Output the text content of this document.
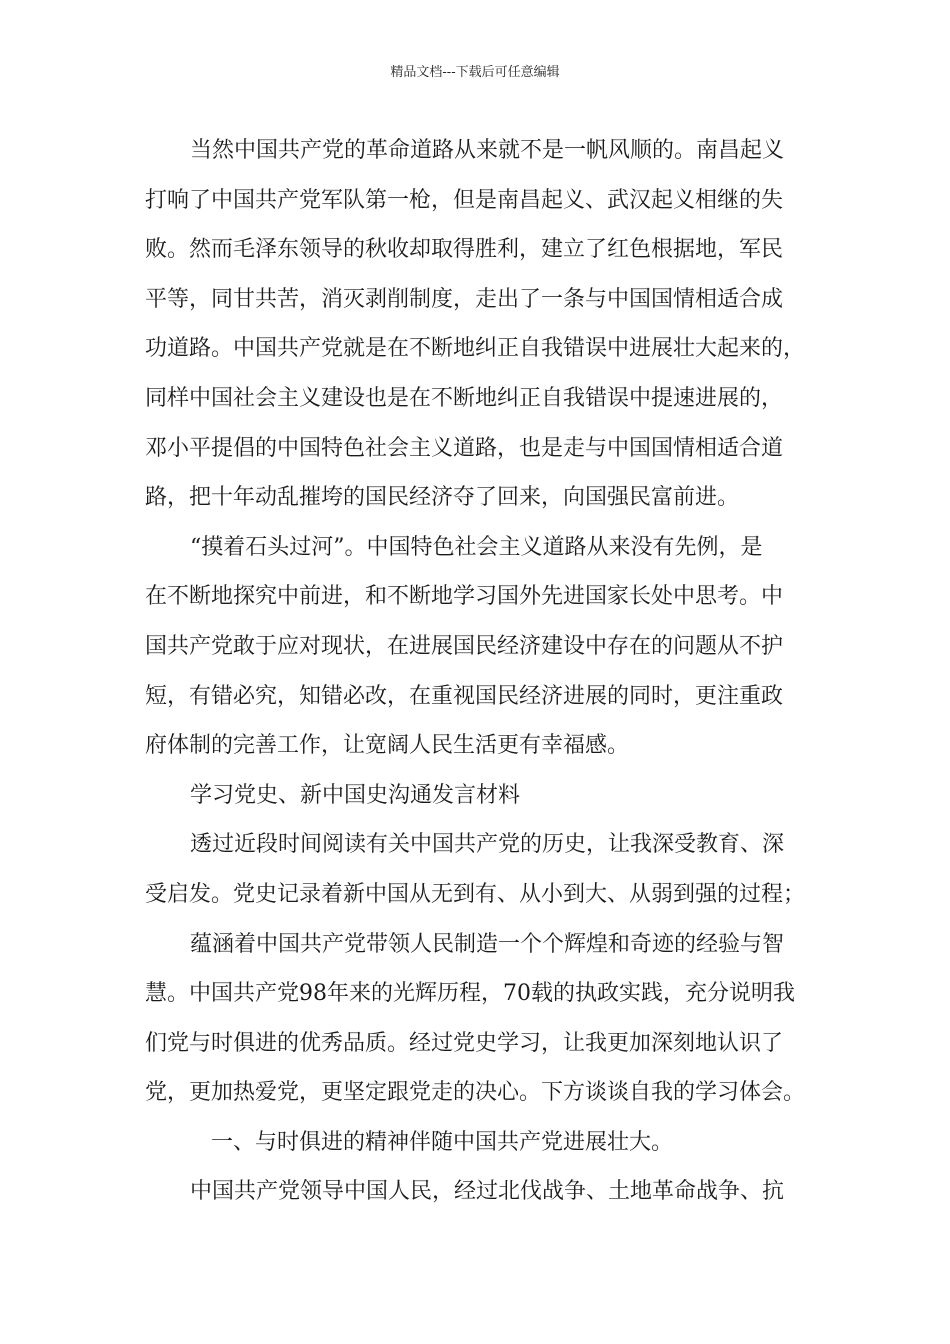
精品文档---下载后可任意编辑
当然中国共产党的革命道路从来就不是一帆风顺的。南昌起义
打响了中国共产党军队第一枪，但是南昌起义、武汉起义相继的失
败。然而毛泽东领导的秋收却取得胜利，建立了红色根据地，军民
平等，同甘共苦，消灭剥削制度，走出了一条与中国国情相适合成
功道路。中国共产党就是在不断地纠正自我错误中进展壮大起来的，
同样中国社会主义建设也是在不断地纠正自我错误中提速进展的，
邓小平提倡的中国特色社会主义道路，也是走与中国国情相适合道
路，把十年动乱摧垮的国民经济夺了回来，向国强民富前进。
“摸着石头过河”。中国特色社会主义道路从来没有先例，是
在不断地探究中前进，和不断地学习国外先进国家长处中思考。中
国共产党敢于应对现状，在进展国民经济建设中存在的问题从不护
短，有错必究，知错必改，在重视国民经济进展的同时，更注重政
府体制的完善工作，让宽阔人民生活更有幸福感。
学习党史、新中国史沟通发言材料
透过近段时间阅读有关中国共产党的历史，让我深受教育、深
受启发。党史记录着新中国从无到有、从小到大、从弱到强的过程；
蕴涵着中国共产党带领人民制造一个个辉煌和奇迹的经验与智
慧。中国共产党98年来的光辉历程，70载的执政实践，充分说明我
们党与时俱进的优秀品质。经过党史学习，让我更加深刻地认识了
党，更加热爱党，更坚定跟党走的决心。下方谈谈自我的学习体会。
一、与时俱进的精神伴随中国共产党进展壮大。
中国共产党领导中国人民，经过北伐战争、土地革命战争、抗
